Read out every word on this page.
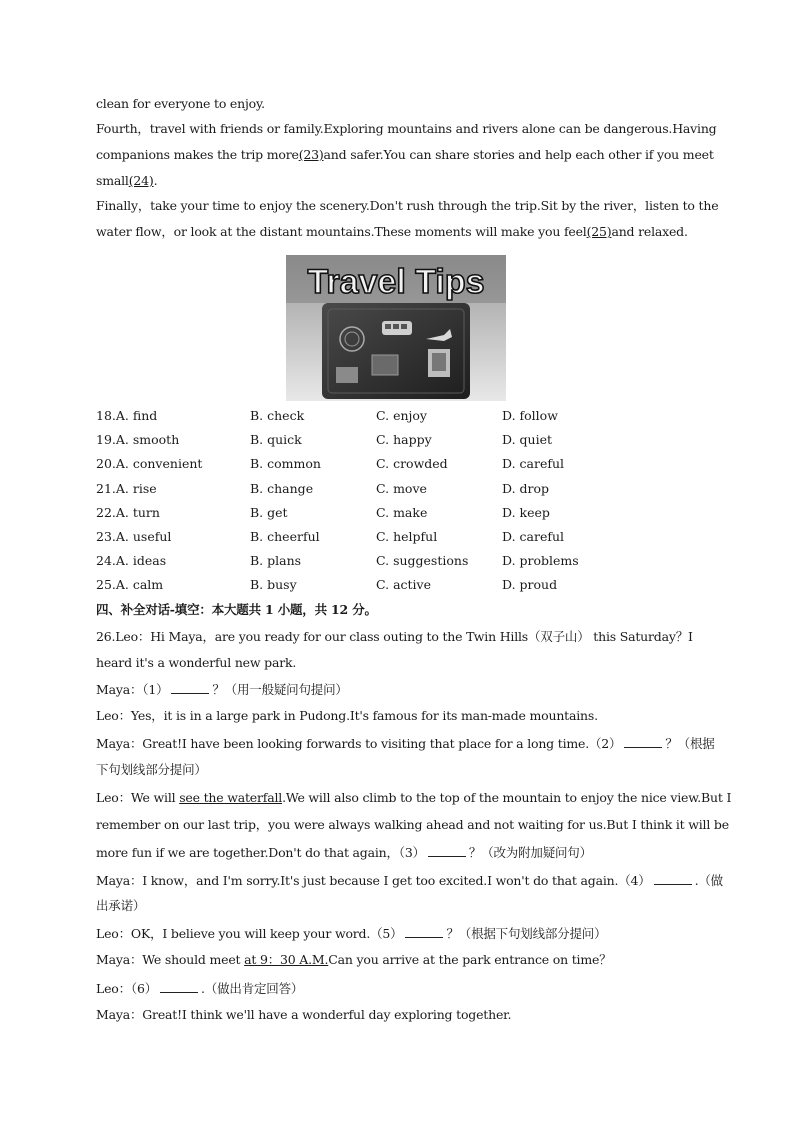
clean for everyone to enjoy.
Fourth，travel with friends or family.Exploring mountains and rivers alone can be dangerous.Having
companions makes the trip more(23)and safer.You can share stories and help each other if you meet
small(24).
Finally，take your time to enjoy the scenery.Don't rush through the trip.Sit by the river，listen to the
water flow，or look at the distant mountains.These moments will make you feel(25)and relaxed.
Travel Tips
18.A. find	B. check	C. enjoy	D. follow
19.A. smooth	B. quick	C. happy	D. quiet
20.A. convenient	B. common	C. crowded	D. careful
21.A. rise	B. change	C. move	D. drop
22.A. turn	B. get	C. make	D. keep
23.A. useful	B. cheerful	C. helpful	D. careful
24.A. ideas	B. plans	C. suggestions	D. problems
25.A. calm	B. busy	C. active	D. proud
四、补全对话-填空：本大题共 1 小题，共 12 分。
26.Leo：Hi Maya，are you ready for our class outing to the Twin Hills（双子山） this Saturday？I
heard it's a wonderful new park.
Maya：（1）	？（用一般疑问句提问）
Leo：Yes，it is in a large park in Pudong.It's famous for its man-made mountains.
Maya：Great!I have been looking forwards to visiting that place for a long time.（2）	？（根据
下句划线部分提问）
Leo：We will see the waterfall.We will also climb to the top of the mountain to enjoy the nice view.But I
remember on our last trip，you were always walking ahead and not waiting for us.But I think it will be
more fun if we are together.Don't do that again，（3）	？（改为附加疑问句）
Maya：I know，and I'm sorry.It's just because I get too excited.I won't do that again.（4）	.（做
出承诺）
Leo：OK，I believe you will keep your word.（5）	？（根据下句划线部分提问）
Maya：We should meet at 9：30 A.M.Can you arrive at the park entrance on time？
Leo：（6）	.（做出肯定回答）
Maya：Great!I think we'll have a wonderful day exploring together.
